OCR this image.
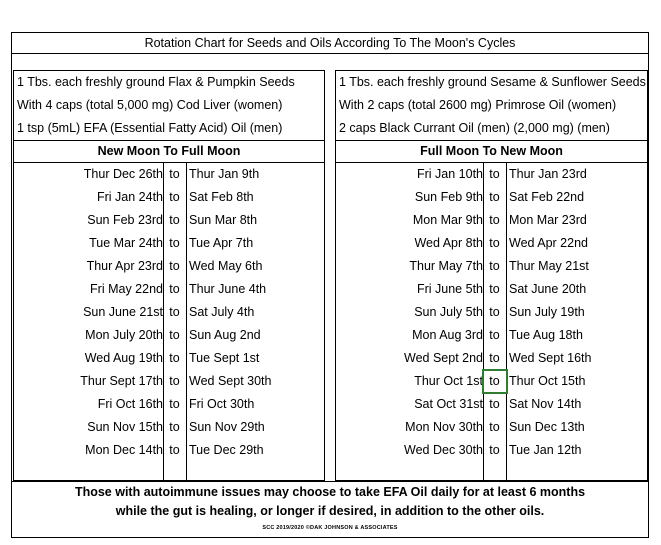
Rotation Chart for Seeds and Oils According To The Moon's Cycles
1 Tbs. each freshly ground Flax & Pumpkin Seeds
With 4 caps (total 5,000 mg) Cod Liver (women)
1 tsp (5mL) EFA (Essential Fatty Acid) Oil (men)
New Moon To Full Moon
Thur Dec 26th to Thur Jan 9th
Fri Jan 24th to Sat Feb 8th
Sun Feb 23rd to Sun Mar 8th
Tue Mar 24th to Tue Apr 7th
Thur Apr 23rd to Wed May 6th
Fri May 22nd to Thur June 4th
Sun June 21st to Sat July 4th
Mon July 20th to Sun Aug 2nd
Wed Aug 19th to Tue Sept 1st
Thur Sept 17th to Wed Sept 30th
Fri Oct 16th to Fri Oct 30th
Sun Nov 15th to Sun Nov 29th
Mon Dec 14th to Tue Dec 29th
1 Tbs. each freshly ground Sesame & Sunflower Seeds
With 2 caps (total 2600 mg) Primrose Oil (women)
2 caps Black Currant Oil (men) (2,000 mg) (men)
Full Moon To New Moon
Fri Jan 10th to Thur Jan 23rd
Sun Feb 9th to Sat Feb 22nd
Mon Mar 9th to Mon Mar 23rd
Wed Apr 8th to Wed Apr 22nd
Thur May 7th to Thur May 21st
Fri June 5th to Sat June 20th
Sun July 5th to Sun July 19th
Mon Aug 3rd to Tue Aug 18th
Wed Sept 2nd to Wed Sept 16th
Thur Oct 1st to Thur Oct 15th
Sat Oct 31st to Sat Nov 14th
Mon Nov 30th to Sun Dec 13th
Wed Dec 30th to Tue Jan 12th
Those with autoimmune issues may choose to take EFA Oil daily for at least 6 months
while the gut is healing, or longer if desired, in addition to the other oils.
SCC 2019/2020 ©DAK JOHNSON & ASSOCIATES
